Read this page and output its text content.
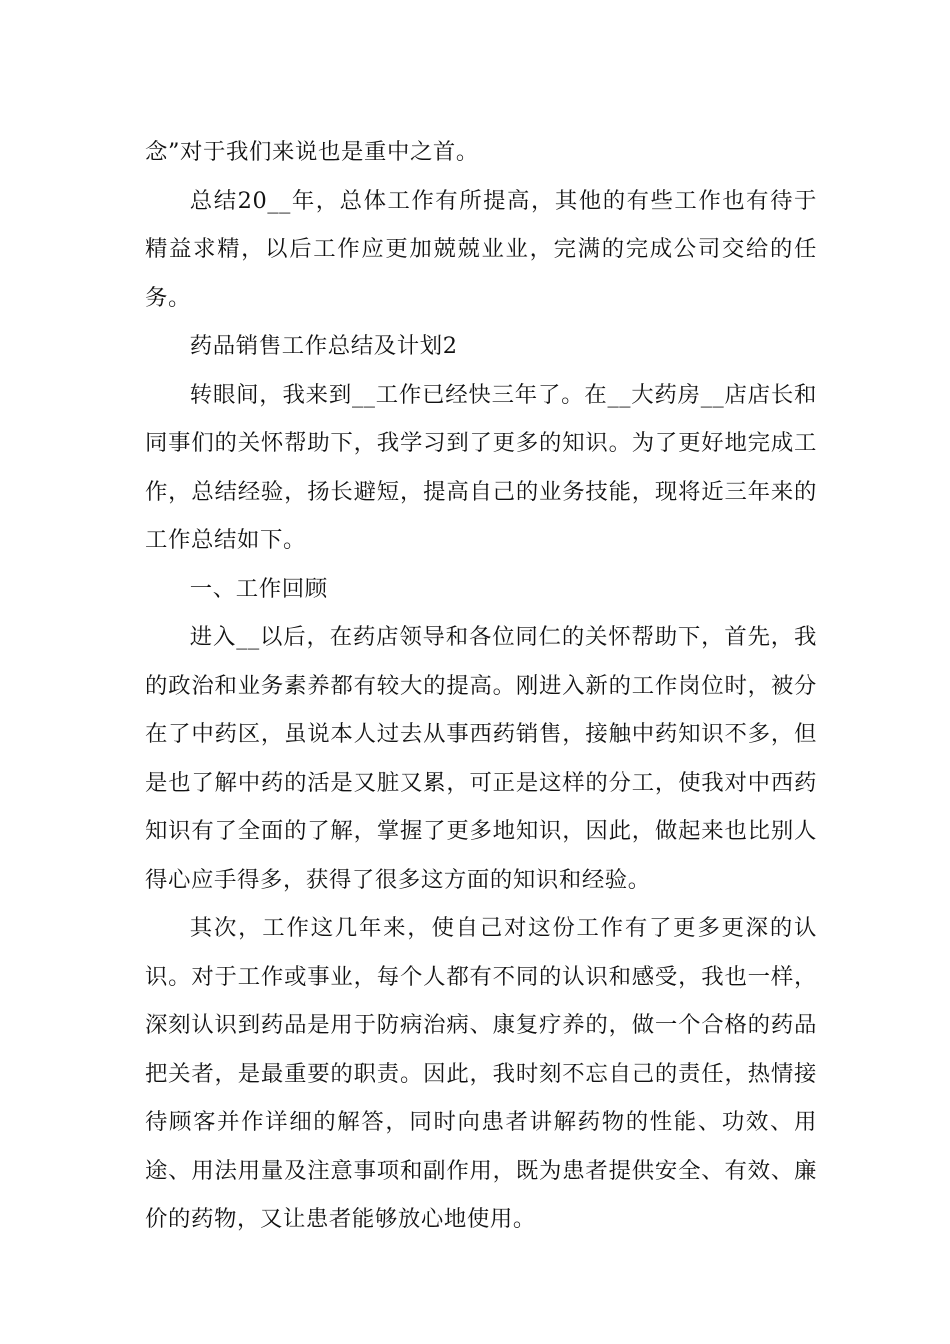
念”对于我们来说也是重中之首。

总结20__年，总体工作有所提高，其他的有些工作也有待于精益求精，以后工作应更加兢兢业业，完满的完成公司交给的任务。

药品销售工作总结及计划2

转眼间，我来到__工作已经快三年了。在__大药房__店店长和同事们的关怀帮助下，我学习到了更多的知识。为了更好地完成工作，总结经验，扬长避短，提高自己的业务技能，现将近三年来的工作总结如下。

一、工作回顾

进入__以后，在药店领导和各位同仁的关怀帮助下，首先，我的政治和业务素养都有较大的提高。刚进入新的工作岗位时，被分在了中药区，虽说本人过去从事西药销售，接触中药知识不多，但是也了解中药的活是又脏又累，可正是这样的分工，使我对中西药知识有了全面的了解，掌握了更多地知识，因此，做起来也比别人得心应手得多，获得了很多这方面的知识和经验。

其次，工作这几年来，使自己对这份工作有了更多更深的认识。对于工作或事业，每个人都有不同的认识和感受，我也一样，深刻认识到药品是用于防病治病、康复疗养的，做一个合格的药品把关者，是最重要的职责。因此，我时刻不忘自己的责任，热情接待顾客并作详细的解答，同时向患者讲解药物的性能、功效、用途、用法用量及注意事项和副作用，既为患者提供安全、有效、廉价的药物，又让患者能够放心地使用。
